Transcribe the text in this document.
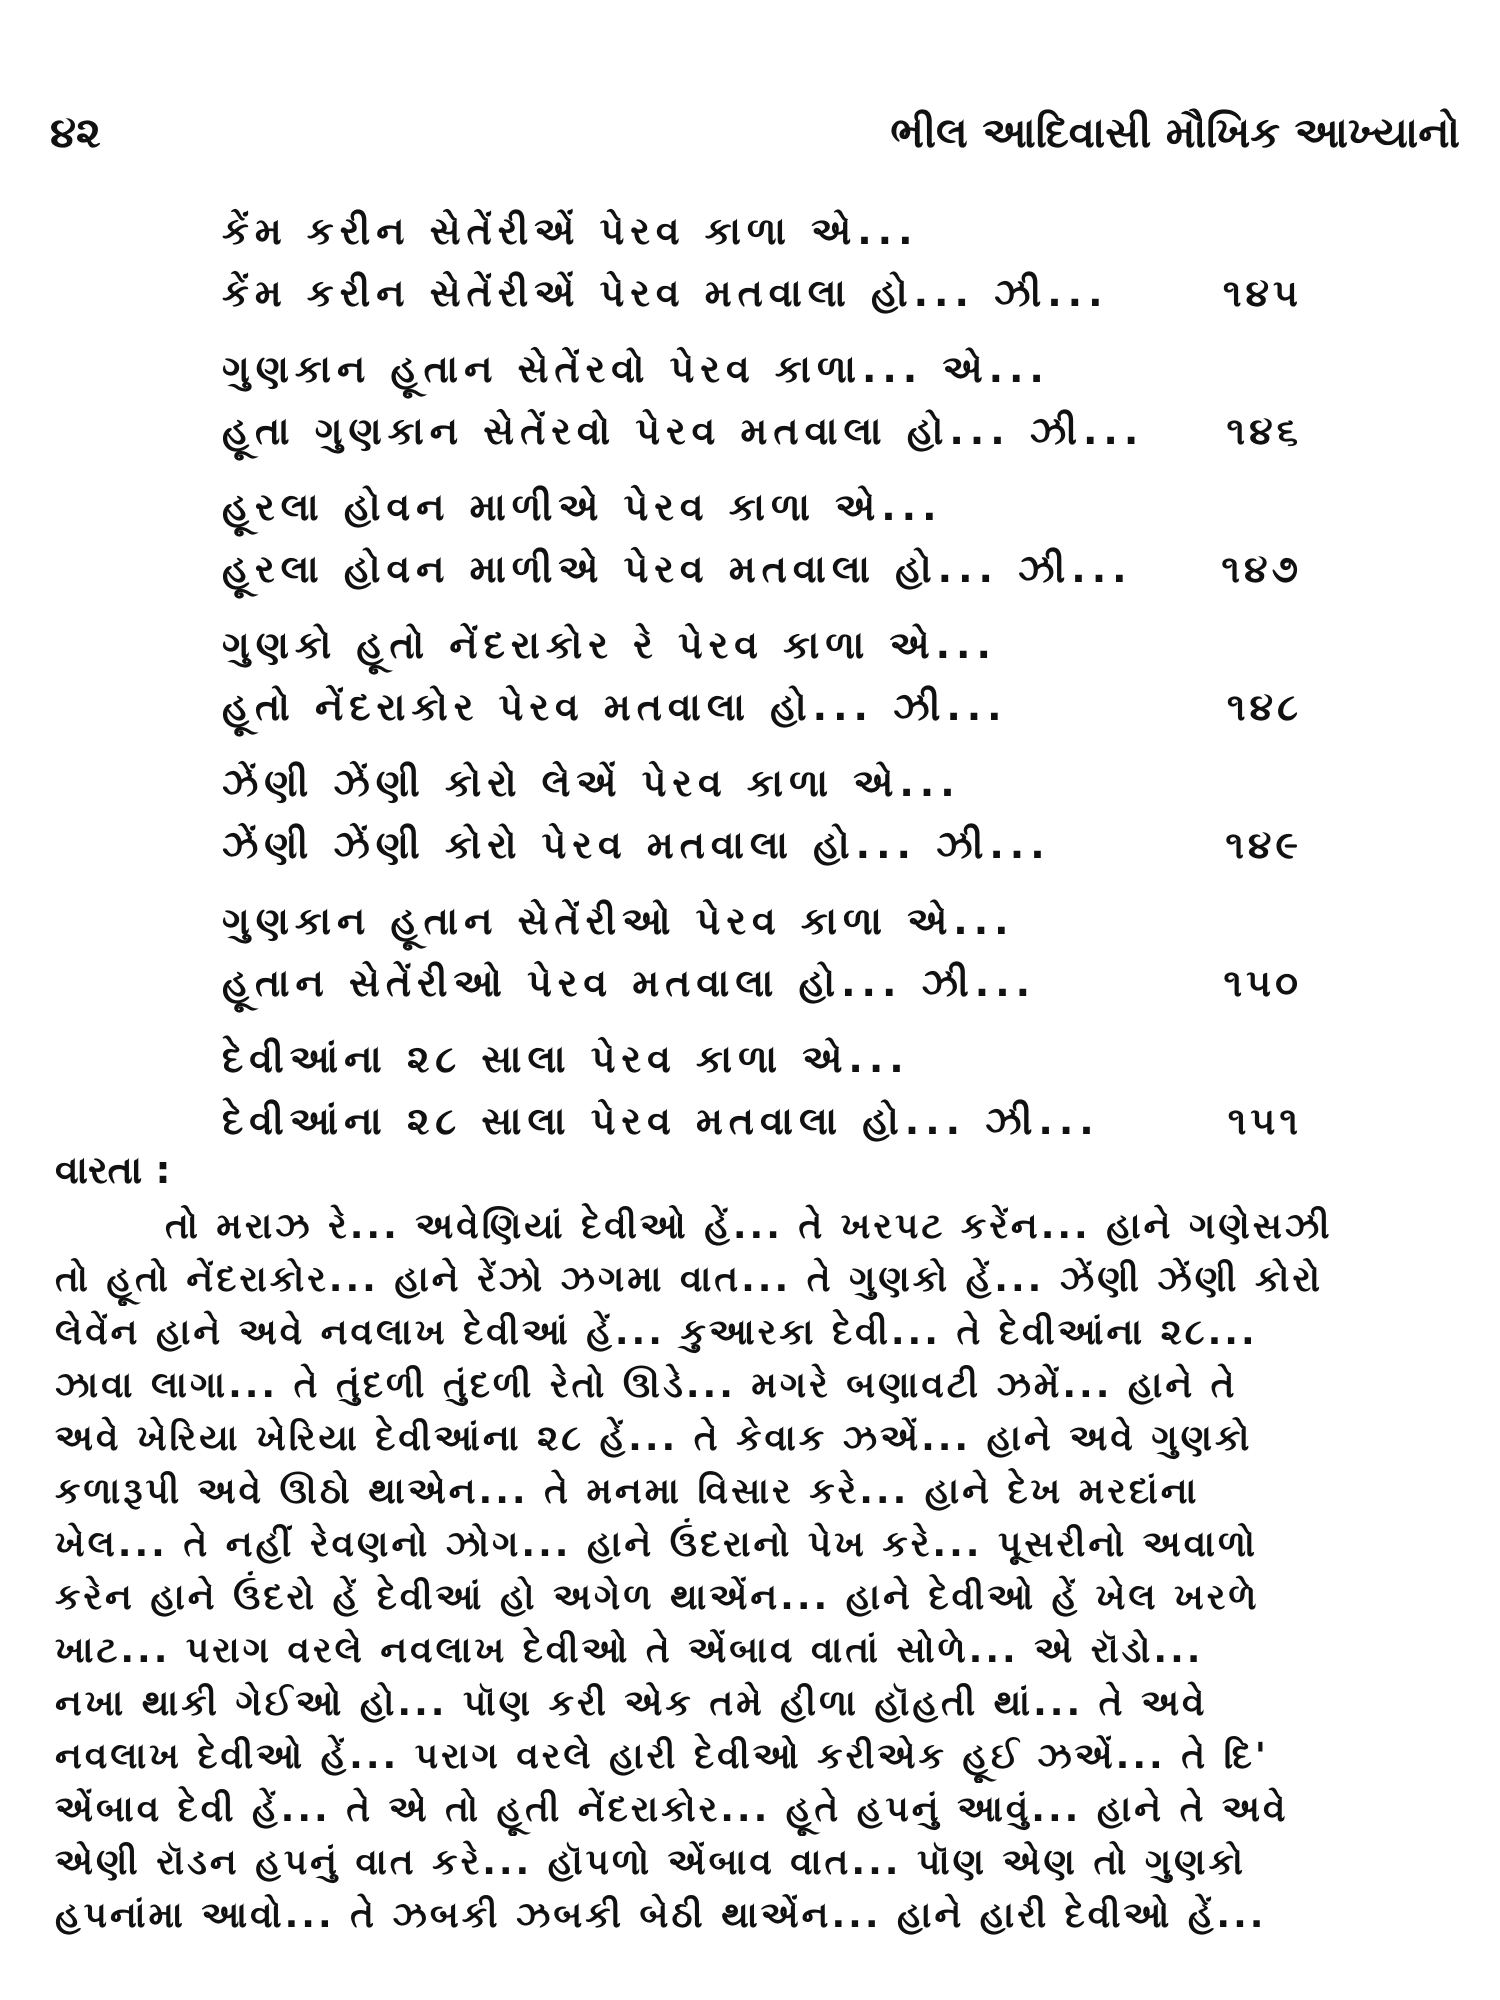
૪૨	ભીલ આદિવાસી મૌખિક આખ્યાનો
કેંમ કરીન સેતેંરીએં પેરવ કાળા એ...
કેંમ કરીન સેતેંરીએં પેરવ મતવાલા હો... ઝી...	૧૪૫
ગુણકાન હૂતાન સેતેંરવો પેરવ કાળા... એ...
હૂતા ગુણકાન સેતેંરવો પેરવ મતવાલા હો... ઝી... ૧૪૬
હૂરલા હોવન માળીએ પેરવ કાળા એ...
હૂરલા હોવન માળીએ પેરવ મતવાલા હો... ઝી... ૧૪૭
ગુણકો હૂતો નેંદરાકોર રે પેરવ કાળા એ...
હૂતો નેંદરાકોર પેરવ મતવાલા હો... ઝી...	૧૪૮
ઝેંણી ઝેંણી કોરો લેએં પેરવ કાળા એ...
ઝેંણી ઝેંણી કોરો પેરવ મતવાલા હો... ઝી...	૧૪૯
ગુણકાન હૂતાન સેતેંરીઓ પેરવ કાળા એ...
હૂતાન સેતેંરીઓ પેરવ મતવાલા હો... ઝી...	૧૫૦
દેવીઆંના ૨૮ સાલા પેરવ કાળા એ...
દેવીઆંના ૨૮ સાલા પેરવ મતવાલા હો... ઝી...	૧૫૧
વારતા :
તો મરાઝ રે... અવેણિયાં દેવીઓ હેં... તે ખરપટ કરેંન... હાને ગણેસઝી
તો હૂતો નેંદરાકોર... હાને રેંઝો ઝગમા વાત... તે ગુણકો હેં... ઝેંણી ઝેંણી કોરો
લેવેંન હાને અવે નવલાખ દેવીઆં હેં... કુઆરકા દેવી... તે દેવીઆંના ૨૮...
ઝાવા લાગા... તે તુંદળી તુંદળી રેતો ઊડે... મગરે બણાવટી ઝમેં... હાને તે
અવે ખેરિયા ખેરિયા દેવીઆંના ૨૮ હેં... તે કેવાક ઝએં... હાને અવે ગુણકો
કળારૂપી અવે ઊઠો થાએન... તે મનમા વિસાર કરે... હાને દેખ મરદાંના
ખેલ... તે નહીં રેવણનો ઝોગ... હાને ઉંદરાનો પેખ કરે... પૂસરીનો અવાળો
કરેન હાને ઉંદરો હેં દેવીઆં હો અગેળ થાએંન... હાને દેવીઓ હેં ખેલ ખરળે
ખાટ... પરાગ વરલે નવલાખ દેવીઓ તે એંબાવ વાતાં સોળે... એ રૉડો...
નખા થાકી ગેઈઓ હો... પૉણ કરી એક તમે હીળા હૉહતી થાં... તે અવે
નવલાખ દેવીઓ હેં... પરાગ વરલે હારી દેવીઓ કરીએક હૂઈ ઝએં... તે દિ'
એંબાવ દેવી હેં... તે એ તો હૂતી નેંદરાકોર... હૂતે હપનું આવું... હાને તે અવે
એણી રૉડન હપનું વાત કરે... હૉપળો એંબાવ વાત... પૉણ એણ તો ગુણકો
હપનાંમા આવો... તે ઝબકી ઝબકી બેઠી થાએંન... હાને હારી દેવીઓ હેં...
